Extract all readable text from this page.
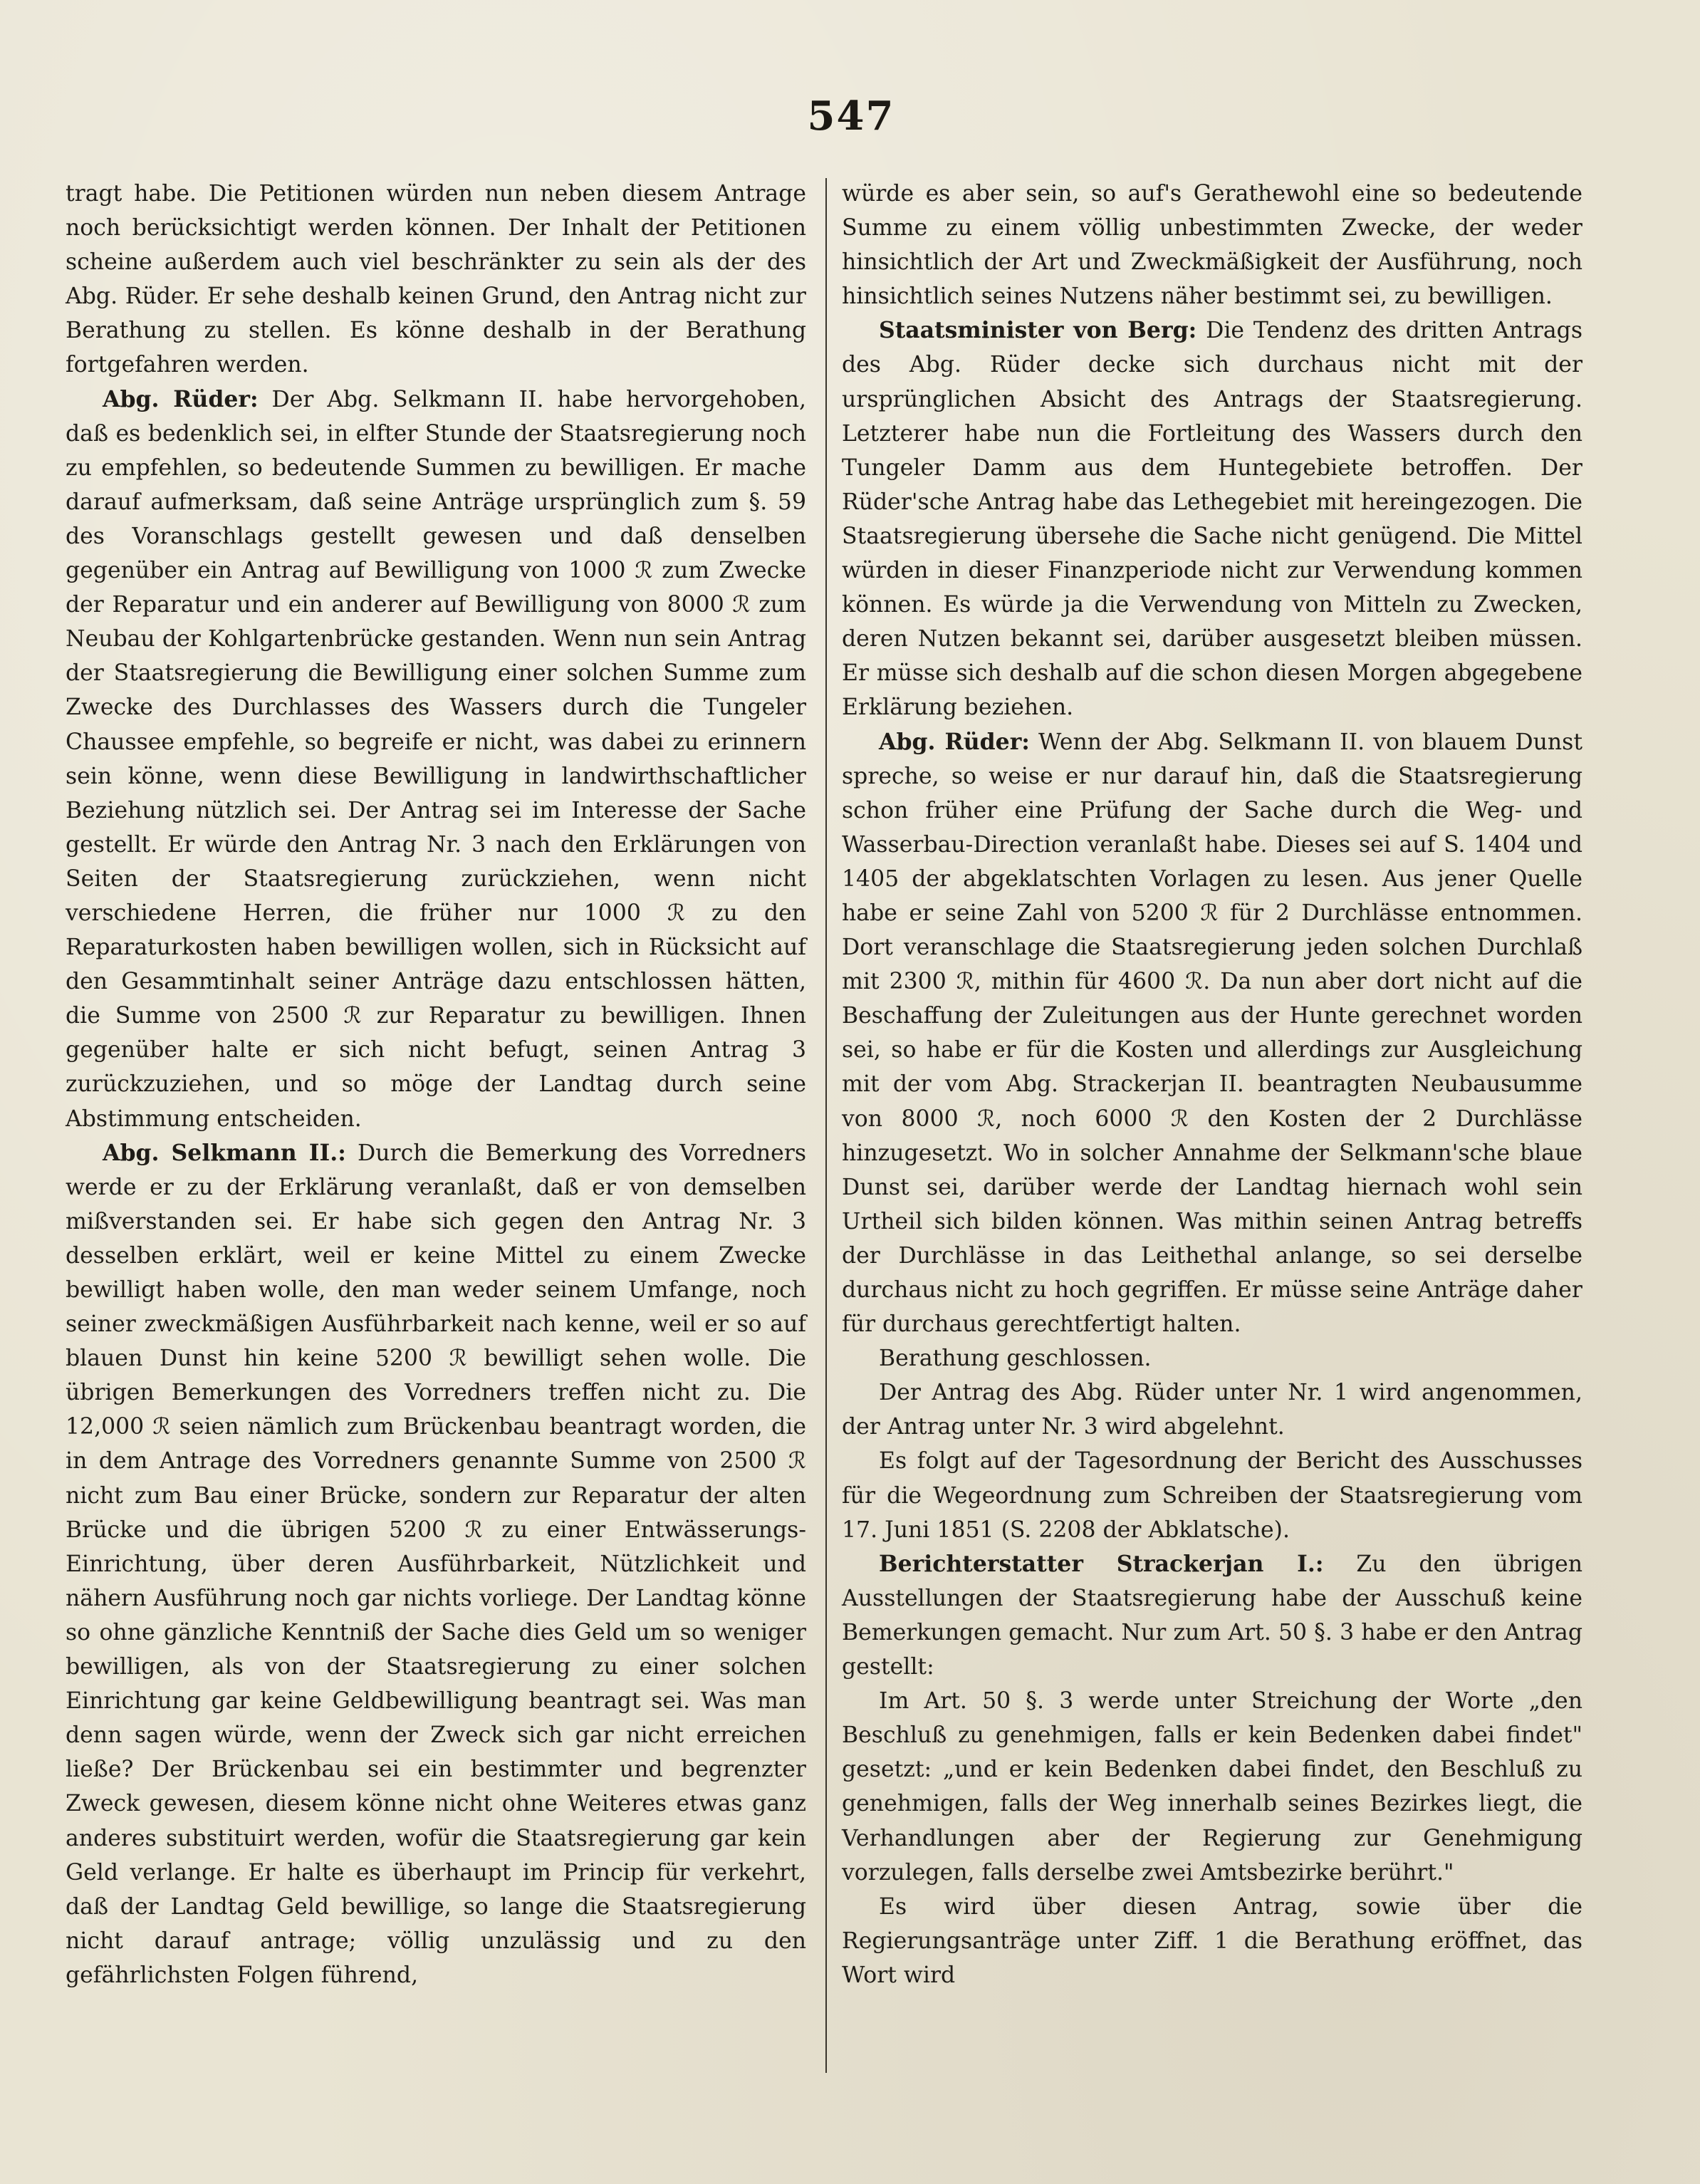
547

tragt habe. Die Petitionen würden nun neben diesem Antrage noch berücksichtigt werden können. Der Inhalt der Petitionen scheine außerdem auch viel beschränkter zu sein als der des Abg. Rüder. Er sehe deshalb keinen Grund, den Antrag nicht zur Berathung zu stellen. Es könne deshalb in der Berathung fortgefahren werden.

Abg. Rüder: Der Abg. Selkmann II. habe hervorgehoben, daß es bedenklich sei, in elfter Stunde der Staatsregierung noch zu empfehlen, so bedeutende Summen zu bewilligen. Er mache darauf aufmerksam, daß seine Anträge ursprünglich zum §. 59 des Voranschlags gestellt gewesen und daß denselben gegenüber ein Antrag auf Bewilligung von 1000 ℛ zum Zwecke der Reparatur und ein anderer auf Bewilligung von 8000 ℛ zum Neubau der Kohlgartenbrücke gestanden. Wenn nun sein Antrag der Staatsregierung die Bewilligung einer solchen Summe zum Zwecke des Durchlasses des Wassers durch die Tungeler Chaussee empfehle, so begreife er nicht, was dabei zu erinnern sein könne, wenn diese Bewilligung in landwirthschaftlicher Beziehung nützlich sei. Der Antrag sei im Interesse der Sache gestellt. Er würde den Antrag Nr. 3 nach den Erklärungen von Seiten der Staatsregierung zurückziehen, wenn nicht verschiedene Herren, die früher nur 1000 ℛ zu den Reparaturkosten haben bewilligen wollen, sich in Rücksicht auf den Gesammtinhalt seiner Anträge dazu entschlossen hätten, die Summe von 2500 ℛ zur Reparatur zu bewilligen. Ihnen gegenüber halte er sich nicht befugt, seinen Antrag 3 zurückzuziehen, und so möge der Landtag durch seine Abstimmung entscheiden.

Abg. Selkmann II.: Durch die Bemerkung des Vorredners werde er zu der Erklärung veranlaßt, daß er von demselben mißverstanden sei. Er habe sich gegen den Antrag Nr. 3 desselben erklärt, weil er keine Mittel zu einem Zwecke bewilligt haben wolle, den man weder seinem Umfange, noch seiner zweckmäßigen Ausführbarkeit nach kenne, weil er so auf blauen Dunst hin keine 5200 ℛ bewilligt sehen wolle. Die übrigen Bemerkungen des Vorredners treffen nicht zu. Die 12,000 ℛ seien nämlich zum Brückenbau beantragt worden, die in dem Antrage des Vorredners genannte Summe von 2500 ℛ nicht zum Bau einer Brücke, sondern zur Reparatur der alten Brücke und die übrigen 5200 ℛ zu einer Entwässerungs-Einrichtung, über deren Ausführbarkeit, Nützlichkeit und nähern Ausführung noch gar nichts vorliege. Der Landtag könne so ohne gänzliche Kenntniß der Sache dies Geld um so weniger bewilligen, als von der Staatsregierung zu einer solchen Einrichtung gar keine Geldbewilligung beantragt sei. Was man denn sagen würde, wenn der Zweck sich gar nicht erreichen ließe? Der Brückenbau sei ein bestimmter und begrenzter Zweck gewesen, diesem könne nicht ohne Weiteres etwas ganz anderes substituirt werden, wofür die Staatsregierung gar kein Geld verlange. Er halte es überhaupt im Princip für verkehrt, daß der Landtag Geld bewillige, so lange die Staatsregierung nicht darauf antrage; völlig unzulässig und zu den gefährlichsten Folgen führend,

würde es aber sein, so auf's Gerathewohl eine so bedeutende Summe zu einem völlig unbestimmten Zwecke, der weder hinsichtlich der Art und Zweckmäßigkeit der Ausführung, noch hinsichtlich seines Nutzens näher bestimmt sei, zu bewilligen.

Staatsminister von Berg: Die Tendenz des dritten Antrags des Abg. Rüder decke sich durchaus nicht mit der ursprünglichen Absicht des Antrags der Staatsregierung. Letzterer habe nun die Fortleitung des Wassers durch den Tungeler Damm aus dem Huntegebiete betroffen. Der Rüder'sche Antrag habe das Lethegebiet mit hereingezogen. Die Staatsregierung übersehe die Sache nicht genügend. Die Mittel würden in dieser Finanzperiode nicht zur Verwendung kommen können. Es würde ja die Verwendung von Mitteln zu Zwecken, deren Nutzen bekannt sei, darüber ausgesetzt bleiben müssen. Er müsse sich deshalb auf die schon diesen Morgen abgegebene Erklärung beziehen.

Abg. Rüder: Wenn der Abg. Selkmann II. von blauem Dunst spreche, so weise er nur darauf hin, daß die Staatsregierung schon früher eine Prüfung der Sache durch die Weg- und Wasserbau-Direction veranlaßt habe. Dieses sei auf S. 1404 und 1405 der abgeklatschten Vorlagen zu lesen. Aus jener Quelle habe er seine Zahl von 5200 ℛ für 2 Durchlässe entnommen. Dort veranschlage die Staatsregierung jeden solchen Durchlaß mit 2300 ℛ, mithin für 4600 ℛ. Da nun aber dort nicht auf die Beschaffung der Zuleitungen aus der Hunte gerechnet worden sei, so habe er für die Kosten und allerdings zur Ausgleichung mit der vom Abg. Strackerjan II. beantragten Neubausumme von 8000 ℛ, noch 6000 ℛ den Kosten der 2 Durchlässe hinzugesetzt. Wo in solcher Annahme der Selkmann'sche blaue Dunst sei, darüber werde der Landtag hiernach wohl sein Urtheil sich bilden können. Was mithin seinen Antrag betreffs der Durchlässe in das Leithethal anlange, so sei derselbe durchaus nicht zu hoch gegriffen. Er müsse seine Anträge daher für durchaus gerechtfertigt halten.

Berathung geschlossen.

Der Antrag des Abg. Rüder unter Nr. 1 wird angenommen, der Antrag unter Nr. 3 wird abgelehnt.

Es folgt auf der Tagesordnung der Bericht des Ausschusses für die Wegeordnung zum Schreiben der Staatsregierung vom 17. Juni 1851 (S. 2208 der Abklatsche).

Berichterstatter Strackerjan I.: Zu den übrigen Ausstellungen der Staatsregierung habe der Ausschuß keine Bemerkungen gemacht. Nur zum Art. 50 §. 3 habe er den Antrag gestellt:

Im Art. 50 §. 3 werde unter Streichung der Worte „den Beschluß zu genehmigen, falls er kein Bedenken dabei findet" gesetzt: „und er kein Bedenken dabei findet, den Beschluß zu genehmigen, falls der Weg innerhalb seines Bezirkes liegt, die Verhandlungen aber der Regierung zur Genehmigung vorzulegen, falls derselbe zwei Amtsbezirke berührt."

Es wird über diesen Antrag, sowie über die Regierungsanträge unter Ziff. 1 die Berathung eröffnet, das Wort wird
